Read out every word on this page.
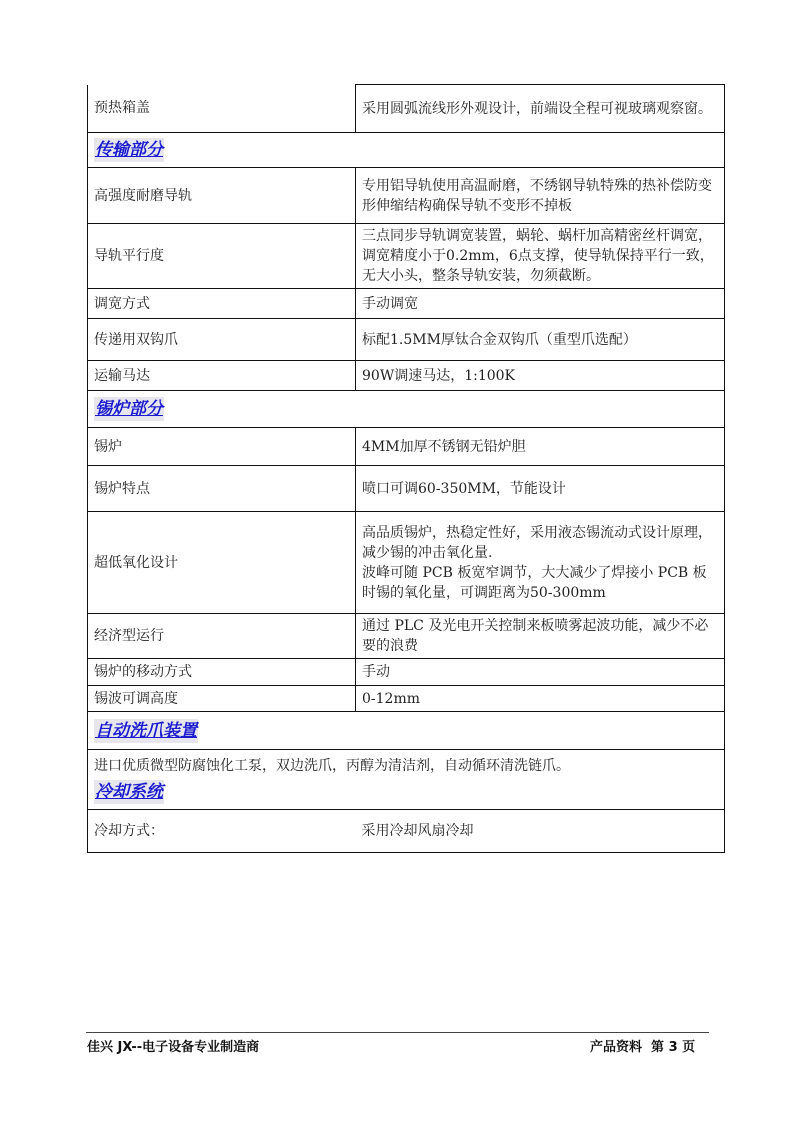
预热箱盖	采用圆弧流线形外观设计，前端设全程可视玻璃观察窗。
传输部分	
高强度耐磨导轨	专用铝导轨使用高温耐磨，不绣钢导轨特殊的热补偿防变形伸缩结构确保导轨不变形不掉板
导轨平行度	三点同步导轨调宽装置，蜗轮、蜗杆加高精密丝杆调宽，调宽精度小于0.2mm，6点支撑，使导轨保持平行一致，无大小头，整条导轨安装，勿须截断。
调宽方式	手动调宽
传递用双钩爪	标配1.5MM厚钛合金双钩爪（重型爪选配）
运输马达	90W调速马达，1:100K
锡炉部分	
锡炉	4MM加厚不锈钢无铅炉胆
锡炉特点	喷口可调60-350MM，节能设计
超低氧化设计	高品质锡炉，热稳定性好，采用液态锡流动式设计原理，减少锡的冲击氧化量.
波峰可随 PCB 板宽窄调节，大大减少了焊接小 PCB 板时锡的氧化量，可调距离为50-300mm

经济型运行	通过 PLC 及光电开关控制来板喷雾起波功能，减少不必要的浪费
锡炉的移动方式	手动
锡波可调高度	0-12mm
自动洗爪装置	

进口优质微型防腐蚀化工泵，双边洗爪，丙醇为清洁剂，自动循环清洗链爪。
冷却系统	
冷却方式：	采用冷却风扇冷却
佳兴 JX--电子设备专业制造商	产品资料  第 3 页
